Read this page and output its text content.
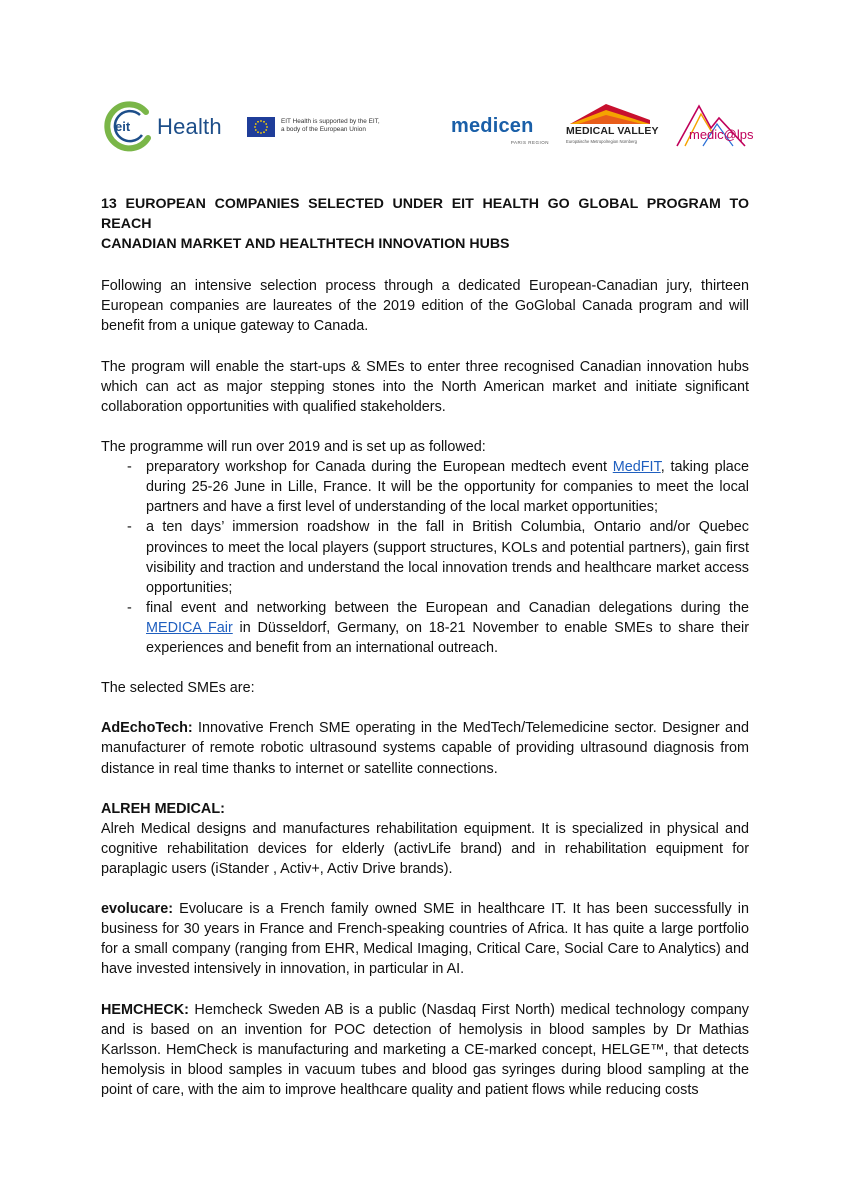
eit Health	EIT Health is supported by the EIT,
a body of the European Union	medicen
PARIS REGION
MEDICAL VALLEY
Europäische Metropolregion Nürnberg	medic@lps
13 EUROPEAN COMPANIES SELECTED UNDER EIT HEALTH GO GLOBAL PROGRAM TO REACH
CANADIAN MARKET AND HEALTHTECH INNOVATION HUBS

Following an intensive selection process through a dedicated European-Canadian jury, thirteen European companies are laureates of the 2019 edition of the GoGlobal Canada program and will benefit from a unique gateway to Canada.

The program will enable the start-ups & SMEs to enter three recognised Canadian innovation hubs which can act as major stepping stones into the North American market and initiate significant collaboration opportunities with qualified stakeholders.

The programme will run over 2019 and is set up as followed:

- preparatory workshop for Canada during the European medtech event MedFIT, taking place during 25-26 June in Lille, France. It will be the opportunity for companies to meet the local partners and have a first level of understanding of the local market opportunities;
- a ten days’ immersion roadshow in the fall in British Columbia, Ontario and/or Quebec provinces to meet the local players (support structures, KOLs and potential partners), gain first visibility and traction and understand the local innovation trends and healthcare market access opportunities;
- final event and networking between the European and Canadian delegations during the MEDICA Fair in Düsseldorf, Germany, on 18-21 November to enable SMEs to share their experiences and benefit from an international outreach.

The selected SMEs are:

AdEchoTech: Innovative French SME operating in the MedTech/Telemedicine sector. Designer and manufacturer of remote robotic ultrasound systems capable of providing ultrasound diagnosis from distance in real time thanks to internet or satellite connections.

ALREH MEDICAL:

Alreh Medical designs and manufactures rehabilitation equipment. It is specialized in physical and cognitive rehabilitation devices for elderly (activLife brand) and in rehabilitation equipment for paraplagic users (iStander , Activ+, Activ Drive brands).

evolucare: Evolucare is a French family owned SME in healthcare IT. It has been successfully in business for 30 years in France and French-speaking countries of Africa. It has quite a large portfolio for a small company (ranging from EHR, Medical Imaging, Critical Care, Social Care to Analytics) and have invested intensively in innovation, in particular in AI.

HEMCHECK: Hemcheck Sweden AB is a public (Nasdaq First North) medical technology company and is based on an invention for POC detection of hemolysis in blood samples by Dr Mathias Karlsson. HemCheck is manufacturing and marketing a CE-marked concept, HELGE™, that detects hemolysis in blood samples in vacuum tubes and blood gas syringes during blood sampling at the point of care, with the aim to improve healthcare quality and patient flows while reducing costs
